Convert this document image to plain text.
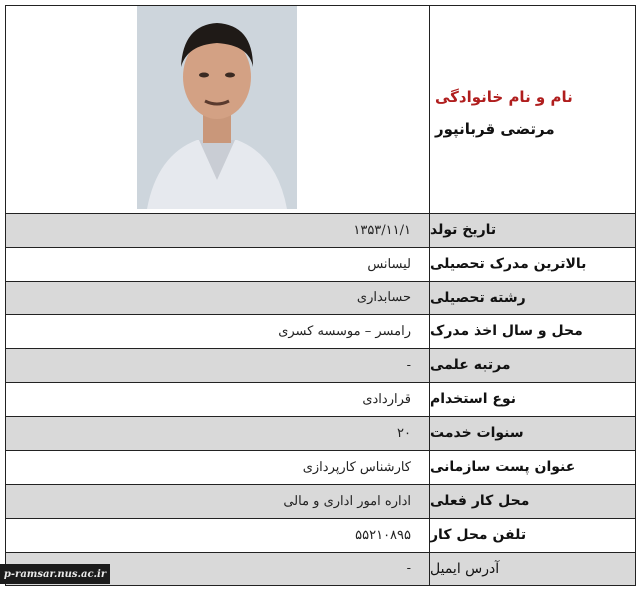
نام و نام خانوادگی
مرتضی قربانپور
تاریخ تولد
۱۳۵۳/۱۱/۱
بالاترین مدرک تحصیلی
لیسانس
رشته تحصیلی
حسابداری
محل و سال اخذ مدرک
رامسر – موسسه کسری
مرتبه علمی
-
نوع استخدام
قراردادی
سنوات خدمت
۲۰
عنوان پست سازمانی
کارشناس کارپردازی
محل کار فعلی
اداره امور اداری و مالی
تلفن محل کار
۵۵۲۱۰۸۹۵
آدرس ایمیل
-
p-ramsar.nus.ac.ir
